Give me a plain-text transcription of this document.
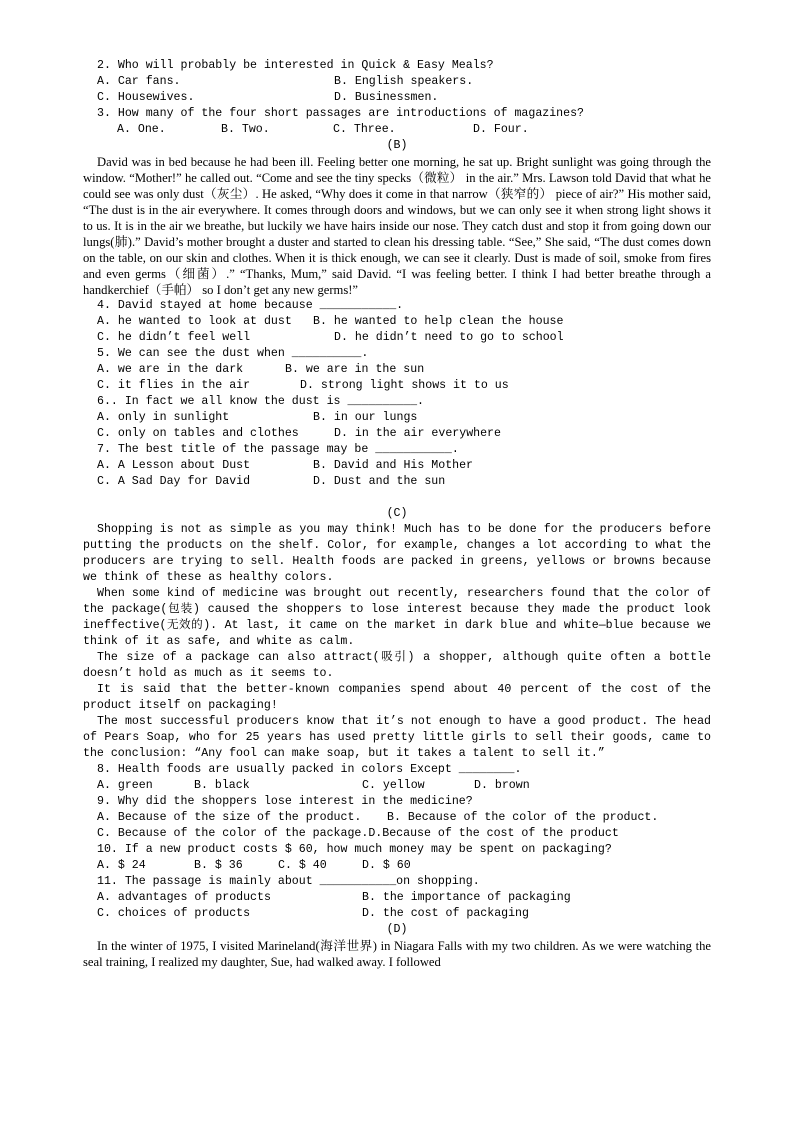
2. Who will probably be interested in Quick & Easy Meals?
A. Car fans.	B. English speakers.
C. Housewives.	D. Businessmen.
3. How many of the four short passages are introductions of magazines?
A. One.	B. Two.	C. Three.	D. Four.
(B)

David was in bed because he had been ill. Feeling better one morning, he sat up. Bright sunlight was going through the window. “Mother!” he called out. “Come and see the tiny specks（微粒） in the air.” Mrs. Lawson told David that what he could see was only dust（灰尘）. He asked, “Why does it come in that narrow（狭窄的） piece of air?” His mother said, “The dust is in the air everywhere. It comes through doors and windows, but we can only see it when strong light shows it to us. It is in the air we breathe, but luckily we have hairs inside our nose. They catch dust and stop it from going down our lungs(肺).” David’s mother brought a duster and started to clean his dressing table. “See,” She said, “The dust comes down on the table, on our skin and clothes. When it is thick enough, we can see it clearly. Dust is made of soil, smoke from fires and even germs（细菌）.” “Thanks, Mum,” said David. “I was feeling better. I think I had better breathe through a handkerchief（手帕） so I don’t get any new germs!”

4. David stayed at home because ___________.
A. he wanted to look at dust B. he wanted to help clean the house
C. he didn’t feel well	D. he didn’t need to go to school
5. We can see the dust when __________.
A. we are in the dark	B. we are in the sun
C. it flies in the air	D. strong light shows it to us
6.. In fact we all know the dust is __________.
A. only in sunlight	B. in our lungs
C. only on tables and clothes	D. in the air everywhere
7. The best title of the passage may be ___________.
A. A Lesson about Dust	B. David and His Mother
C. A Sad Day for David	D. Dust and the sun
(C)

Shopping is not as simple as you may think! Much has to be done for the producers before putting the products on the shelf. Color, for example, changes a lot according to what the producers are trying to sell. Health foods are packed in greens, yellows or browns because we think of these as healthy colors.

When some kind of medicine was brought out recently, researchers found that the color of the package(包装) caused the shoppers to lose interest because they made the product look ineffective(无效的). At last, it came on the market in dark blue and white—blue because we think of it as safe, and white as calm.

The size of a package can also attract(吸引) a shopper, although quite often a bottle doesn’t hold as much as it seems to.

It is said that the better-known companies spend about 40 percent of the cost of the product itself on packaging!

The most successful producers know that it’s not enough to have a good product. The head of Pears Soap, who for 25 years has used pretty little girls to sell their goods, came to the conclusion: “Any fool can make soap, but it takes a talent to sell it.”

8. Health foods are usually packed in colors Except ________.
A. green	B. black	C. yellow	D. brown
9. Why did the shoppers lose interest in the medicine?
A. Because of the size of the product. B. Because of the color of the product.
C. Because of the color of the package.D.Because of the cost of the product
10. If a new product costs $ 60, how much money may be spent on packaging?
A. $ 24	B. $ 36	C. $ 40	D. $ 60
11. The passage is mainly about ___________on shopping.
A. advantages of products	B. the importance of packaging
C. choices of products	D. the cost of packaging
(D)

In the winter of 1975, I visited Marineland(海洋世界) in Niagara Falls with my two children. As we were watching the seal training, I realized my daughter, Sue, had walked away. I followed
